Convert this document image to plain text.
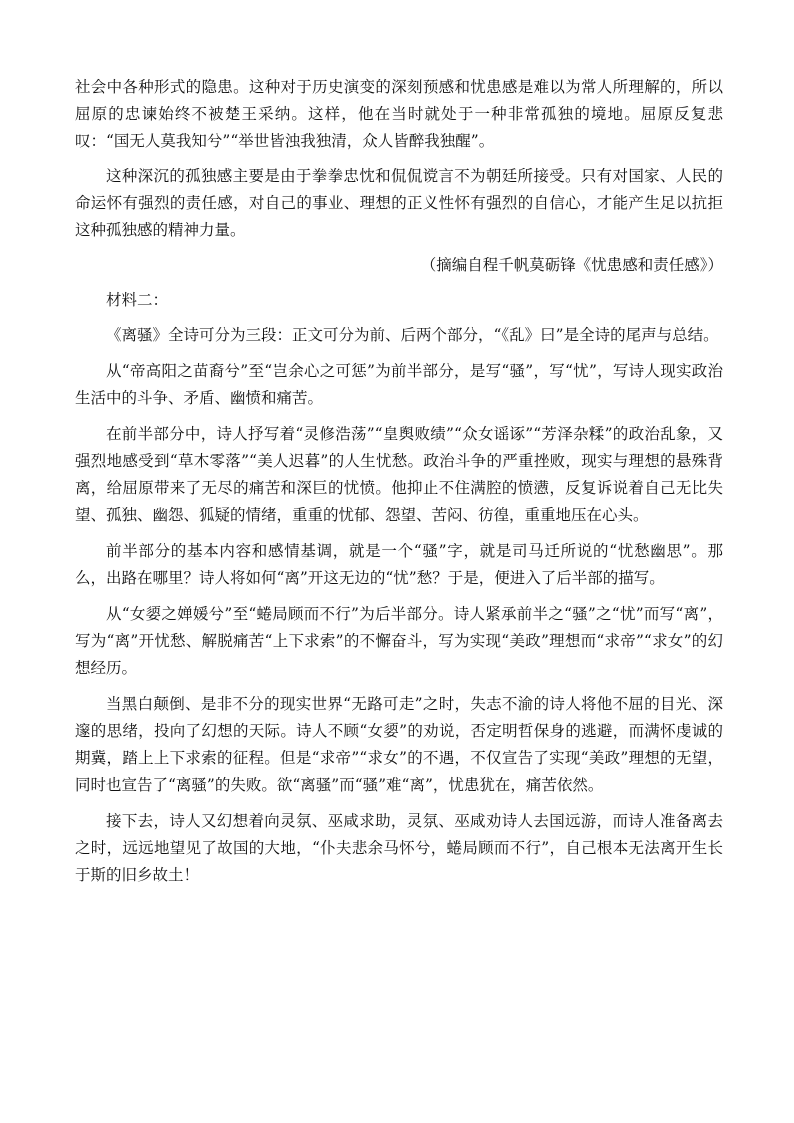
社会中各种形式的隐患。这种对于历史演变的深刻预感和忧患感是难以为常人所理解的，所以屈原的忠谏始终不被楚王采纳。这样，他在当时就处于一种非常孤独的境地。屈原反复悲叹：“国无人莫我知兮”“举世皆浊我独清，众人皆醉我独醒”。

这种深沉的孤独感主要是由于拳拳忠忱和侃侃谠言不为朝廷所接受。只有对国家、人民的命运怀有强烈的责任感，对自己的事业、理想的正义性怀有强烈的自信心，才能产生足以抗拒这种孤独感的精神力量。

（摘编自程千帆莫砺锋《忧患感和责任感》）

材料二：

《离骚》全诗可分为三段：正文可分为前、后两个部分，“《乱》曰”是全诗的尾声与总结。

从“帝高阳之苗裔兮”至“岂余心之可惩”为前半部分，是写“骚”，写“忧”，写诗人现实政治生活中的斗争、矛盾、幽愤和痛苦。

在前半部分中，诗人抒写着“灵修浩荡”“皇舆败绩”“众女谣诼”“芳泽杂糅”的政治乱象，又强烈地感受到“草木零落”“美人迟暮”的人生忧愁。政治斗争的严重挫败，现实与理想的悬殊背离，给屈原带来了无尽的痛苦和深巨的忧愤。他抑止不住满腔的愤懑，反复诉说着自己无比失望、孤独、幽怨、狐疑的情绪，重重的忧郁、怨望、苦闷、彷徨，重重地压在心头。

前半部分的基本内容和感情基调，就是一个“骚”字，就是司马迁所说的“忧愁幽思”。那么，出路在哪里？诗人将如何“离”开这无边的“忧”愁？于是，便进入了后半部的描写。

从“女媭之婵媛兮”至“蜷局顾而不行”为后半部分。诗人紧承前半之“骚”之“忧”而写“离”，写为“离”开忧愁、解脱痛苦“上下求索”的不懈奋斗，写为实现“美政”理想而“求帝”“求女”的幻想经历。

当黑白颠倒、是非不分的现实世界“无路可走”之时，失志不渝的诗人将他不屈的目光、深邃的思绪，投向了幻想的天际。诗人不顾“女媭”的劝说，否定明哲保身的逃避，而满怀虔诚的期冀，踏上上下求索的征程。但是“求帝”“求女”的不遇，不仅宣告了实现“美政”理想的无望，同时也宣告了“离骚”的失败。欲“离骚”而“骚”难“离”，忧患犹在，痛苦依然。

接下去，诗人又幻想着向灵氛、巫咸求助，灵氛、巫咸劝诗人去国远游，而诗人准备离去之时，远远地望见了故国的大地，“仆夫悲余马怀兮，蜷局顾而不行”，自己根本无法离开生长于斯的旧乡故土！
